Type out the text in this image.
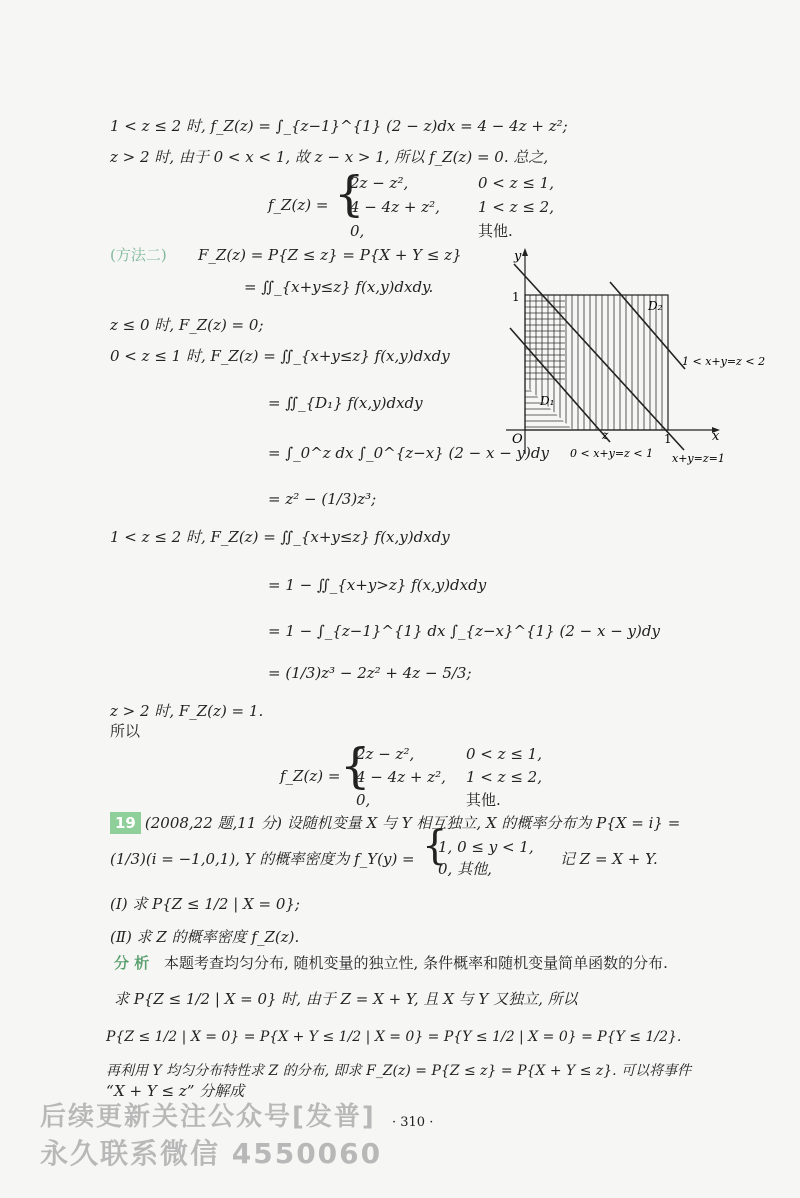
1 < z ≤ 2 时, f_Z(z) = ∫_{z−1}^{1} (2 − z)dx = 4 − 4z + z²;
z > 2 时, 由于 0 < x < 1, 故 z − x > 1, 所以 f_Z(z) = 0. 总之,
f_Z(z) = {
2z − z²,	0 < z ≤ 1,
4 − 4z + z²,	1 < z ≤ 2,
0,	其他.
(方法二) F_Z(z) = P{Z ≤ z} = P{X + Y ≤ z}
= ∬_{x+y≤z} f(x,y)dxdy.
z ≤ 0 时, F_Z(z) = 0;
0 < z ≤ 1 时, F_Z(z) = ∬_{x+y≤z} f(x,y)dxdy
= ∬_{D₁} f(x,y)dxdy
= ∫_0^z dx ∫_0^{z−x} (2 − x − y)dy
= z² − (1/3)z³;
1 < z ≤ 2 时, F_Z(z) = ∬_{x+y≤z} f(x,y)dxdy
= 1 − ∬_{x+y>z} f(x,y)dxdy
= 1 − ∫_{z−1}^{1} dx ∫_{z−x}^{1} (2 − x − y)dy
= (1/3)z³ − 2z² + 4z − 5/3;
z > 2 时, F_Z(z) = 1.
所以
f_Z(z) = {
2z − z²,	0 < z ≤ 1,
4 − 4z + z², 1 < z ≤ 2,
0,	其他.
19 (2008,22 题,11 分) 设随机变量 X 与 Y 相互独立, X 的概率分布为 P{X = i} =
(1/3)(i = −1,0,1), Y 的概率密度为 f_Y(y) = {
1, 0 ≤ y < 1,
0, 其他,
记 Z = X + Y.
(Ⅰ) 求 P{Z ≤ 1/2 | X = 0};
(Ⅱ) 求 Z 的概率密度 f_Z(z).
分 析 本题考查均匀分布, 随机变量的独立性, 条件概率和随机变量简单函数的分布.
求 P{Z ≤ 1/2 | X = 0} 时, 由于 Z = X + Y, 且 X 与 Y 又独立, 所以
P{Z ≤ 1/2 | X = 0} = P{X + Y ≤ 1/2 | X = 0} = P{Y ≤ 1/2 | X = 0} = P{Y ≤ 1/2}.
再利用 Y 均匀分布特性求 Z 的分布, 即求 F_Z(z) = P{Z ≤ z} = P{X + Y ≤ z}. 可以将事件
“X + Y ≤ z” 分解成
· 310 ·
后续更新关注公众号[发普]
永久联系微信 4550060
y
x
O
1
z	1
D₁
D₂
1 < x+y=z < 2
0 < x+y=z < 1 x+y=z=1
